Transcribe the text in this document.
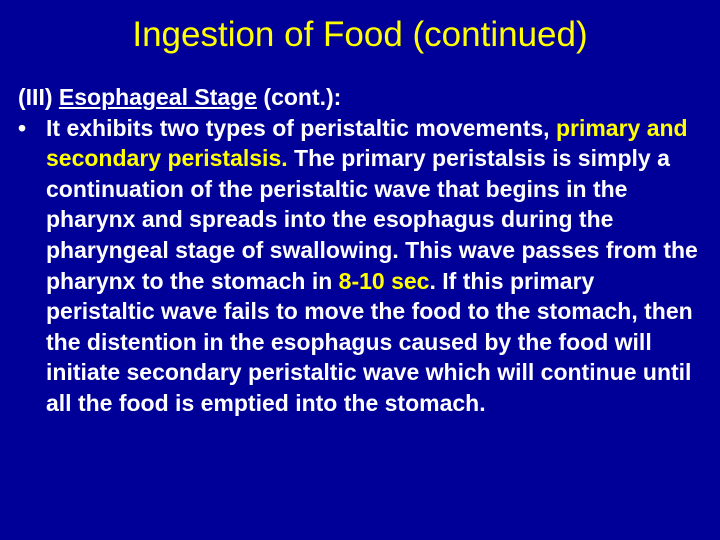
Ingestion of Food (continued)

(III) Esophageal Stage (cont.):

• It exhibits two types of peristaltic movements, primary and secondary peristalsis. The primary peristalsis is simply a continuation of the peristaltic wave that begins in the pharynx and spreads into the esophagus during the pharyngeal stage of swallowing. This wave passes from the pharynx to the stomach in 8-10 sec. If this primary peristaltic wave fails to move the food to the stomach, then the distention in the esophagus caused by the food will initiate secondary peristaltic wave which will continue until all the food is emptied into the stomach.
